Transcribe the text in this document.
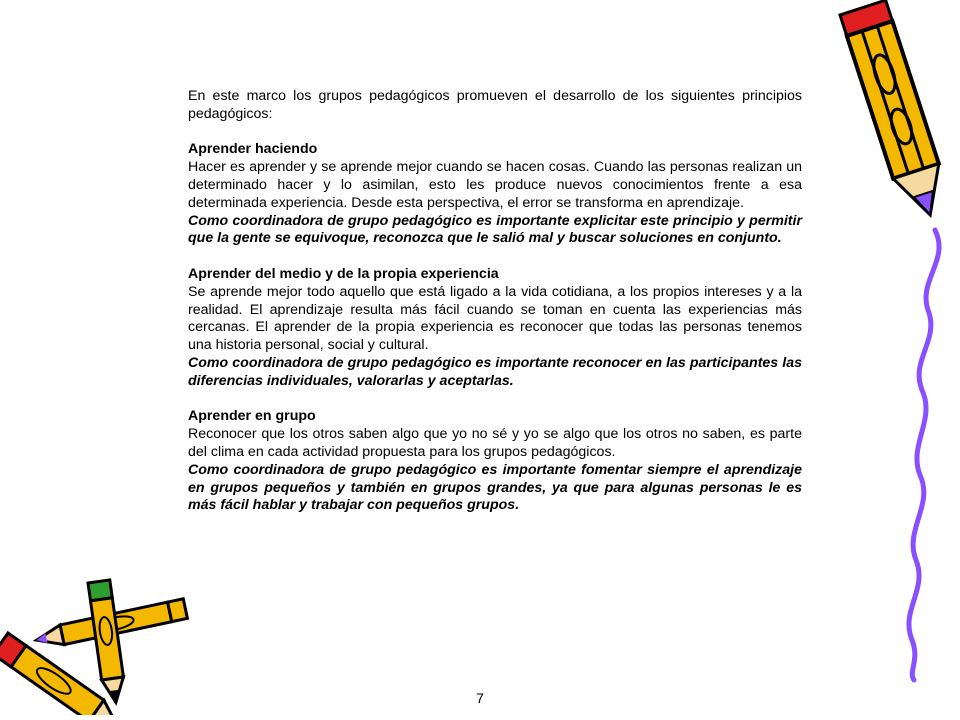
En este marco los grupos pedagógicos promueven el desarrollo de los siguientes principios pedagógicos:

Aprender haciendo

Hacer es aprender y se aprende mejor cuando se hacen cosas. Cuando las personas realizan un determinado hacer y lo asimilan, esto les produce nuevos conocimientos frente a esa determinada experiencia. Desde esta perspectiva, el error se transforma en aprendizaje.

Como coordinadora de grupo pedagógico es importante explicitar este principio y permitir que la gente se equivoque, reconozca que le salió mal y buscar soluciones en conjunto.

Aprender del medio y de la propia experiencia

Se aprende mejor todo aquello que está ligado a la vida cotidiana, a los propios intereses y a la realidad. El aprendizaje resulta más fácil cuando se toman en cuenta las experiencias más cercanas. El aprender de la propia experiencia es reconocer que todas las personas tenemos una historia personal, social y cultural.

Como coordinadora de grupo pedagógico es importante reconocer en las participantes las diferencias individuales, valorarlas y aceptarlas.

Aprender en grupo

Reconocer que los otros saben algo que yo no sé y yo se algo que los otros no saben, es parte del clima en cada actividad propuesta para los grupos pedagógicos.

Como coordinadora de grupo pedagógico es importante fomentar siempre el aprendizaje en grupos pequeños y también en grupos grandes, ya que para algunas personas le es más fácil hablar y trabajar con pequeños grupos.

7
